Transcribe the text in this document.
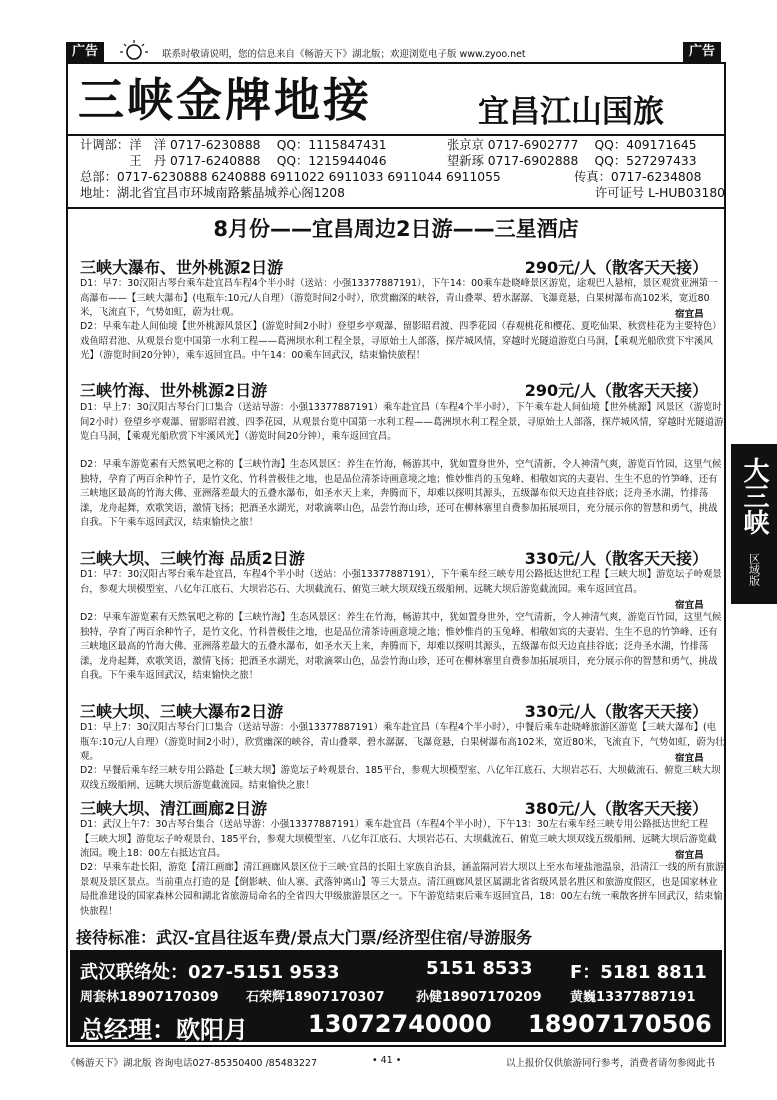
广告	联系时敬请说明，您的信息来自《畅游天下》湖北版；欢迎浏览电子版 www.zyoo.net	广告
三峡金牌地接	宜昌江山国旅
计调部：洋　洋 0717-6230888　 QQ：1115847431	张京京 0717-6902777　 QQ：409171645
　　　　王　丹 0717-6240888　 QQ：1215944046	望新琢 0717-6902888　 QQ：527297433
总部：0717-6230888 6240888 6911022 6911033 6911044 6911055	传真：0717-6234808
地址：湖北省宜昌市环城南路紫晶城养心阁1208	许可证号 L-HUB03180
8月份——宜昌周边2日游——三星酒店
三峡大瀑布、世外桃源2日游	290元/人（散客天天接）
D1：早7：30汉阳古琴台乘车赴宜昌车程4个半小时（送站：小强13377887191），下午14：00乘车赴晓峰景区游览，途观巴人悬棺，景区观赏亚洲第一高瀑布——【三峡大瀑布】(电瓶车:10元/人自理）（游览时间2小时），欣赏幽深的峡谷，青山叠翠、碧水潺潺、飞瀑竟悬，白果树瀑布高102米，宽近80米，飞流直下，气势如虹，蔚为壮观。	宿宜昌
D2：早乘车赴人间仙境【世外桃源风景区】(游览时间2小时）登望乡亭观瀑、留影昭君渡、四季花园（春观桃花和樱花、夏吃仙果、秋赏桂花为主要特色）戏鱼昭君池、从观景台览中国第一水利工程——葛洲坝水利工程全景，寻原始土人部落，探芹城风情，穿越时光隧道游览白马洞，【乘观光船欣赏下牢溪风光】（游览时间20分钟），乘车返回宜昌。中午14：00乘车回武汉，结束愉快旅程！
三峡竹海、世外桃源2日游	290元/人（散客天天接）
D1：早上7：30汉阳古琴台门口集合（送站导游：小强13377887191）乘车赴宜昌（车程4个半小时），下午乘车赴人间仙境【世外桃源】风景区（游览时间2小时）登望乡亭观瀑、留影昭君渡、四季花园，从观景台览中国第一水利工程——葛洲坝水利工程全景，寻原始土人部落，探芹城风情，穿越时光隧道游览白马洞，【乘观光船欣赏下牢溪风光】（游览时间20分钟），乘车返回宜昌。
D2：早乘车游览素有天然氧吧之称的【三峡竹海】生态风景区：养生在竹海，畅游其中，犹如置身世外，空气清新，令人神清气爽，游览百竹园，这里气候独特，孕育了两百余种竹子，是竹文化、竹科普极佳之地，也是品位清茶诗画意境之地；惟妙惟肖的玉兔峰、相敬如宾的夫妻岩、生生不息的竹笋峰、还有三峡地区最高的竹海大佛、亚洲落差最大的五叠水瀑布，如圣水天上来，奔腾而下，却难以探明其源头，五级瀑布似天边直挂谷底；泛舟圣水湖，竹排荡漾，龙舟起舞，欢歌笑语，激情飞扬；把酒圣水湖光，对歌滴翠山色，品尝竹海山珍，还可在柳林寨里自费参加拓展项目，充分展示你的智慧和勇气，挑战自我。下午乘车返回武汉，结束愉快之旅！
三峡大坝、三峡竹海 品质2日游	330元/人（散客天天接）
D1：早7：30汉阳古琴台乘车赴宜昌，车程4个半小时（送站：小强13377887191），下午乘车经三峡专用公路抵达世纪工程【三峡大坝】游览坛子岭观景台，参观大坝模型室、八亿年江底石、大坝岩芯石、大坝截流石、俯览三峡大坝双线五级船闸、远眺大坝后游览截流园。乘车返回宜昌。
宿宜昌
D2：早乘车游览素有天然氧吧之称的【三峡竹海】生态风景区：养生在竹海，畅游其中，犹如置身世外，空气清新，令人神清气爽，游览百竹园，这里气候独特，孕育了两百余种竹子，是竹文化、竹科普极佳之地，也是品位清茶诗画意境之地；惟妙惟肖的玉兔峰、相敬如宾的夫妻岩、生生不息的竹笋峰、还有三峡地区最高的竹海大佛、亚洲落差最大的五叠水瀑布，如圣水天上来，奔腾而下，却难以探明其源头，五级瀑布似天边直挂谷底；泛舟圣水湖，竹排荡漾，龙舟起舞，欢歌笑语，激情飞扬；把酒圣水湖光，对歌滴翠山色，品尝竹海山珍，还可在柳林寨里自费参加拓展项目，充分展示你的智慧和勇气，挑战自我。下午乘车返回武汉，结束愉快之旅！
三峡大坝、三峡大瀑布2日游	330元/人（散客天天接）
D1：早上7：30汉阳古琴台门口集合（送站导游：小强13377887191）乘车赴宜昌（车程4个半小时），中餐后乘车赴晓峰旅游区游览【三峡大瀑布】(电瓶车:10元/人自理）（游览时间2小时），欣赏幽深的峡谷，青山叠翠、碧水潺潺、飞瀑竟悬，白果树瀑布高102米，宽近80米，飞流直下，气势如虹，蔚为壮观。	宿宜昌
D2：早餐后乘车经三峡专用公路赴【三峡大坝】游览坛子岭观景台、185平台，参观大坝模型室、八亿年江底石、大坝岩芯石、大坝截流石、俯览三峡大坝双线五级船闸、远眺大坝后游览截流园。结束愉快之旅！
三峡大坝、清江画廊2日游	380元/人（散客天天接）
D1：武汉上午7：30古琴台集合（送站导游：小强13377887191）乘车赴宜昌（车程4个半小时），下午13：30左右乘车经三峡专用公路抵达世纪工程【三峡大坝】游览坛子岭观景台、185平台，参观大坝模型室、八亿年江底石、大坝岩芯石、大坝截流石、俯览三峡大坝双线五级船闸、远眺大坝后游览截流园。晚上18：00左右抵达宜昌。	宿宜昌
D2：早乘车赴长阳，游览【清江画廊】清江画廊风景区位于三峡·宜昌的长阳土家族自治县，涵盖隔河岩大坝以上至水布垭盐池温泉，沿清江一线的所有旅游景观及景区景点。当前重点打造的是【倒影峡、仙人寨、武落钟离山】等三大景点。清江画廊风景区属湖北省省级风景名胜区和旅游度假区，也是国家林业局批准建设的国家森林公园和湖北省旅游局命名的全省四大甲级旅游景区之一。下午游览结束后乘车返回宜昌，18：00左右统一乘散客拼车回武汉，结束愉快旅程！
接待标准：武汉-宜昌往返车费/景点大门票/经济型住宿/导游服务
武汉联络处：027-5151 9533	5151 8533 F：5181 8811
周套林18907170309 石荣辉18907170307 孙健18907170209 黄巍13377887191
总经理：欧阳月	13072740000 18907170506
大三峡
区域版
《畅游天下》湖北版 咨询电话027-85350400 /85483227	• 41 •	以上报价仅供旅游同行参考，消费者请勿参阅此书
